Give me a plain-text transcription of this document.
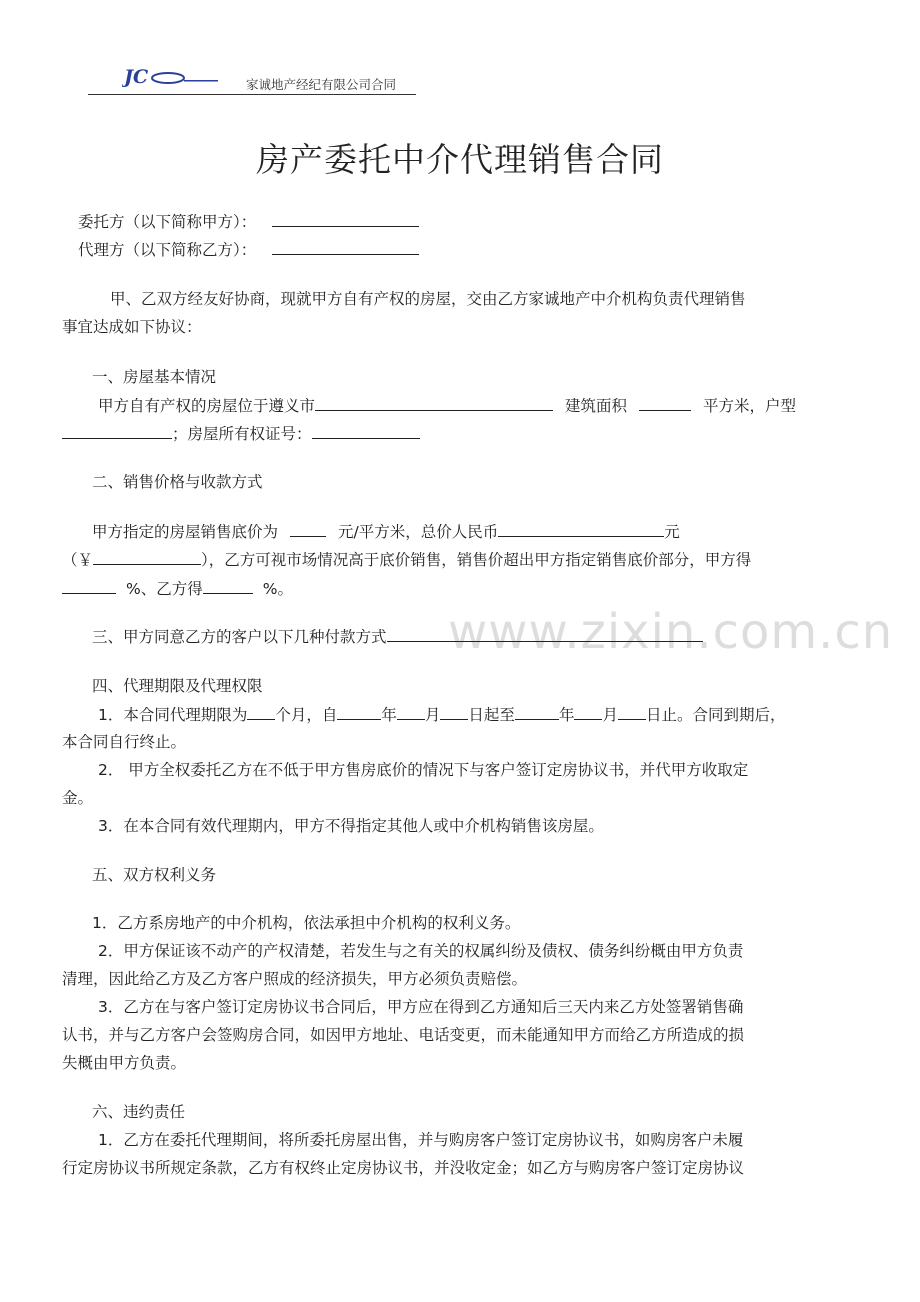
JC	家诚地产经纪有限公司合同
房产委托中介代理销售合同
委托方（以下简称甲方）：
代理方（以下简称乙方）：
甲、乙双方经友好协商，现就甲方自有产权的房屋，交由乙方家诚地产中介机构负责代理销售
事宜达成如下协议：
一、房屋基本情况
甲方自有产权的房屋位于遵义市	建筑面积	平方米，户型
；房屋所有权证号：
二、销售价格与收款方式
甲方指定的房屋销售底价为	元/平方米，总价人民币	元
（￥	），乙方可视市场情况高于底价销售，销售价超出甲方指定销售底价部分，甲方得
%、乙方得	%。
www.zixin.com.cn
三、甲方同意乙方的客户以下几种付款方式
四、代理期限及代理权限
1．本合同代理期限为 个月，自	年 月 日起至	年 月 日止。合同到期后，
本合同自行终止。
2． 甲方全权委托乙方在不低于甲方售房底价的情况下与客户签订定房协议书，并代甲方收取定
金。
3．在本合同有效代理期内，甲方不得指定其他人或中介机构销售该房屋。
五、双方权利义务
1．乙方系房地产的中介机构，依法承担中介机构的权利义务。
2．甲方保证该不动产的产权清楚，若发生与之有关的权属纠纷及债权、债务纠纷概由甲方负责
清理，因此给乙方及乙方客户照成的经济损失，甲方必须负责赔偿。
3．乙方在与客户签订定房协议书合同后，甲方应在得到乙方通知后三天内来乙方处签署销售确
认书，并与乙方客户会签购房合同，如因甲方地址、电话变更，而未能通知甲方而给乙方所造成的损
失概由甲方负责。
六、违约责任
1．乙方在委托代理期间，将所委托房屋出售，并与购房客户签订定房协议书，如购房客户未履
行定房协议书所规定条款，乙方有权终止定房协议书，并没收定金；如乙方与购房客户签订定房协议
